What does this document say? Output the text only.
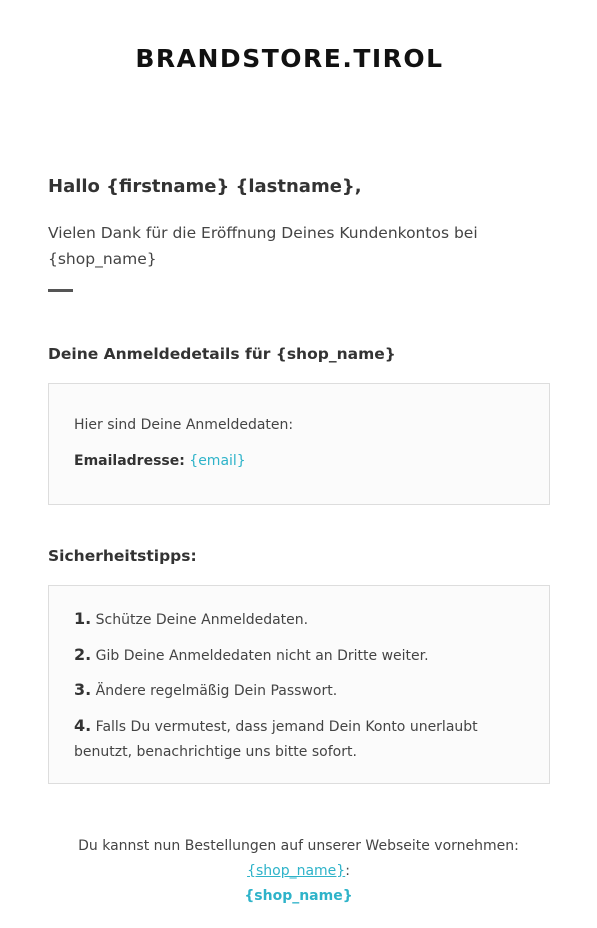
BRANDSTORE.TIROL
Hallo {firstname} {lastname},
Vielen Dank für die Eröffnung Deines Kundenkontos bei {shop_name}
Deine Anmeldedetails für {shop_name}
Hier sind Deine Anmeldedaten:
Emailadresse: {email}
Sicherheitstipps:
1. Schütze Deine Anmeldedaten.
2. Gib Deine Anmeldedaten nicht an Dritte weiter.
3. Ändere regelmäßig Dein Passwort.
4. Falls Du vermutest, dass jemand Dein Konto unerlaubt benutzt, benachrichtige uns bitte sofort.
Du kannst nun Bestellungen auf unserer Webseite vornehmen:
{shop_name}:
{shop_name}
